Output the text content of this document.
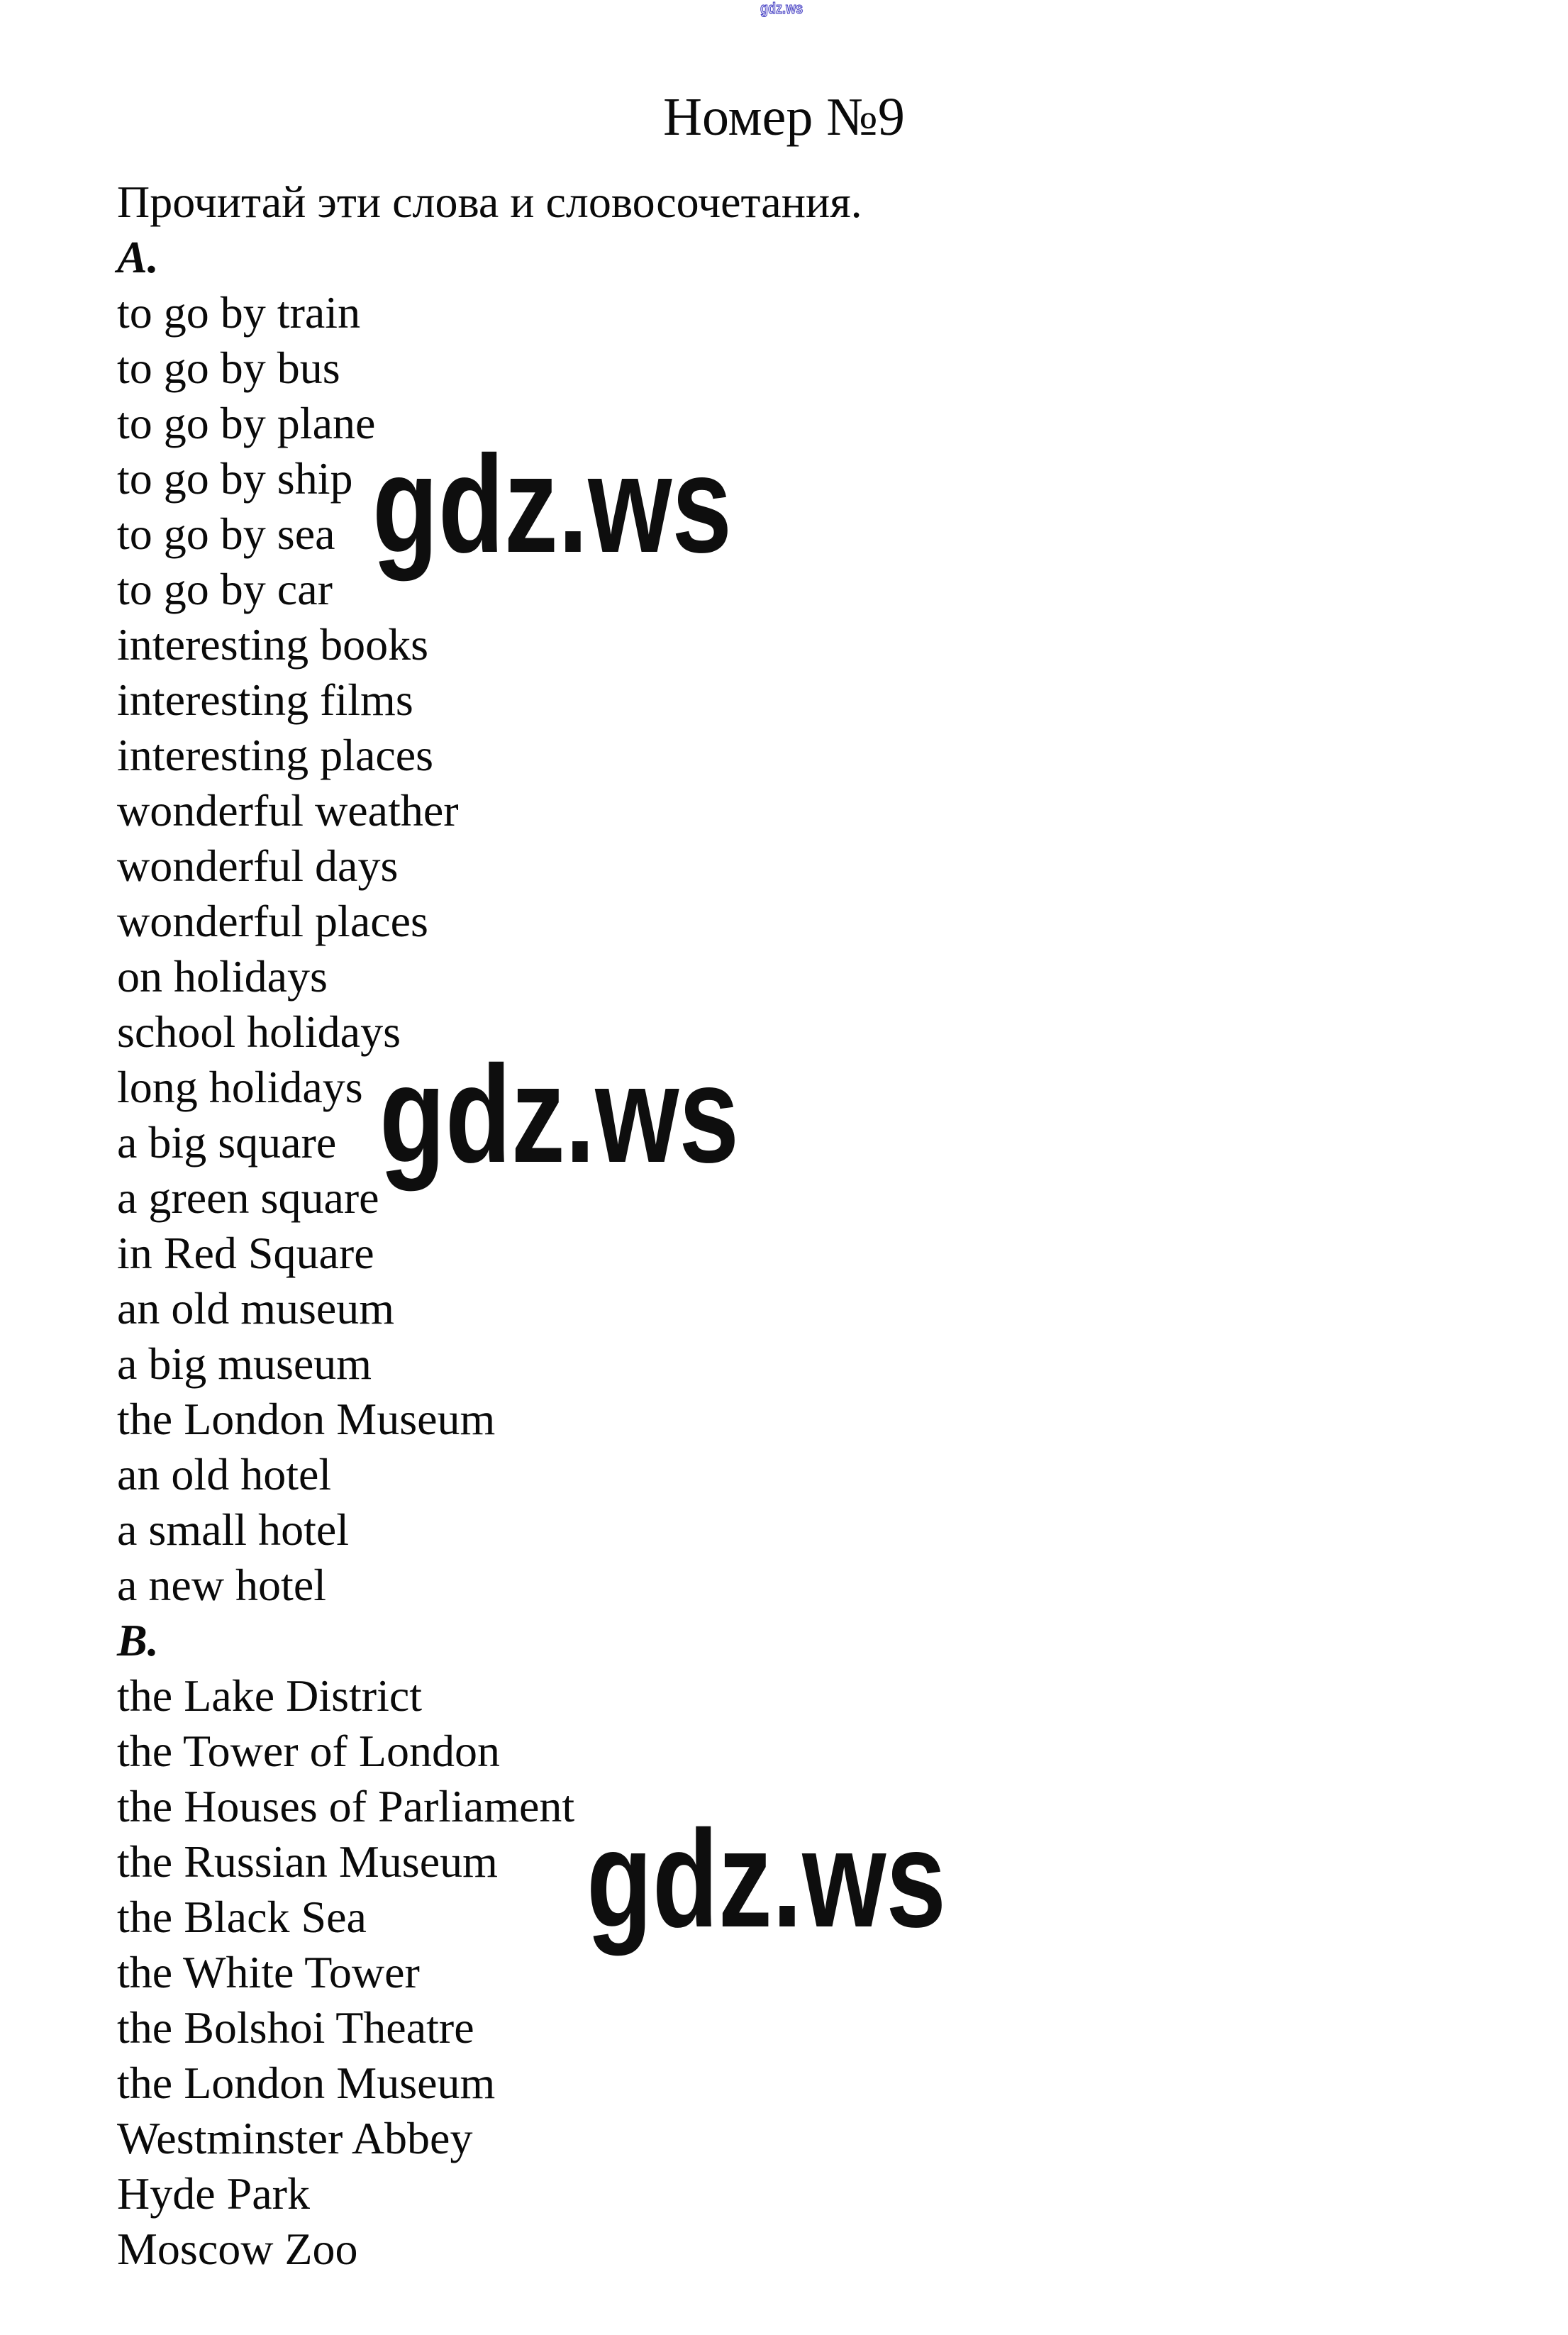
gdz.ws
Номер №9
Прочитай эти слова и словосочетания.
A.
to go by train
to go by bus
to go by plane
to go by ship
to go by sea
to go by car
interesting books
interesting films
interesting places
wonderful weather
wonderful days
wonderful places
on holidays
school holidays
long holidays
a big square
a green square
in Red Square
an old museum
a big museum
the London Museum
an old hotel
a small hotel
a new hotel
B.
the Lake District
the Tower of London
the Houses of Parliament
the Russian Museum
the Black Sea
the White Tower
the Bolshoi Theatre
the London Museum
Westminster Abbey
Hyde Park
Moscow Zoo
gdz.ws
gdz.ws
gdz.ws
